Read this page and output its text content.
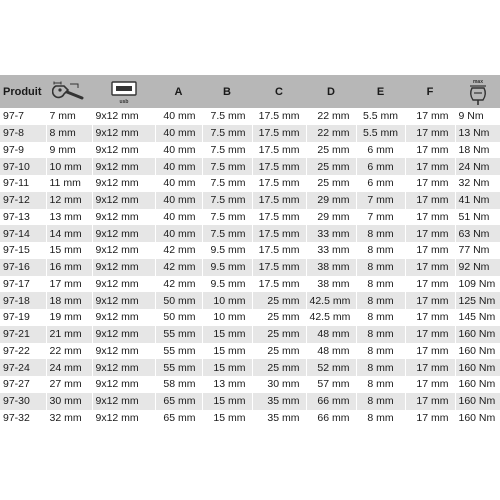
Produit		usb	A	B	C	D	E	F	max

97-7	7 mm	9x12 mm	40 mm	7.5 mm	17.5 mm	22 mm	5.5 mm	17 mm	9 Nm
97-8	8 mm	9x12 mm	40 mm	7.5 mm	17.5 mm	22 mm	5.5 mm	17 mm	13 Nm
97-9	9 mm	9x12 mm	40 mm	7.5 mm	17.5 mm	25 mm	6 mm	17 mm	18 Nm
97-10	10 mm	9x12 mm	40 mm	7.5 mm	17.5 mm	25 mm	6 mm	17 mm	24 Nm
97-11	11 mm	9x12 mm	40 mm	7.5 mm	17.5 mm	25 mm	6 mm	17 mm	32 Nm
97-12	12 mm	9x12 mm	40 mm	7.5 mm	17.5 mm	29 mm	7 mm	17 mm	41 Nm
97-13	13 mm	9x12 mm	40 mm	7.5 mm	17.5 mm	29 mm	7 mm	17 mm	51 Nm
97-14	14 mm	9x12 mm	40 mm	7.5 mm	17.5 mm	33 mm	8 mm	17 mm	63 Nm
97-15	15 mm	9x12 mm	42 mm	9.5 mm	17.5 mm	33 mm	8 mm	17 mm	77 Nm
97-16	16 mm	9x12 mm	42 mm	9.5 mm	17.5 mm	38 mm	8 mm	17 mm	92 Nm
97-17	17 mm	9x12 mm	42 mm	9.5 mm	17.5 mm	38 mm	8 mm	17 mm	109 Nm
97-18	18 mm	9x12 mm	50 mm	10 mm	25 mm	42.5 mm	8 mm	17 mm	125 Nm
97-19	19 mm	9x12 mm	50 mm	10 mm	25 mm	42.5 mm	8 mm	17 mm	145 Nm
97-21	21 mm	9x12 mm	55 mm	15 mm	25 mm	48 mm	8 mm	17 mm	160 Nm
97-22	22 mm	9x12 mm	55 mm	15 mm	25 mm	48 mm	8 mm	17 mm	160 Nm
97-24	24 mm	9x12 mm	55 mm	15 mm	25 mm	52 mm	8 mm	17 mm	160 Nm
97-27	27 mm	9x12 mm	58 mm	13 mm	30 mm	57 mm	8 mm	17 mm	160 Nm
97-30	30 mm	9x12 mm	65 mm	15 mm	35 mm	66 mm	8 mm	17 mm	160 Nm
97-32	32 mm	9x12 mm	65 mm	15 mm	35 mm	66 mm	8 mm	17 mm	160 Nm
